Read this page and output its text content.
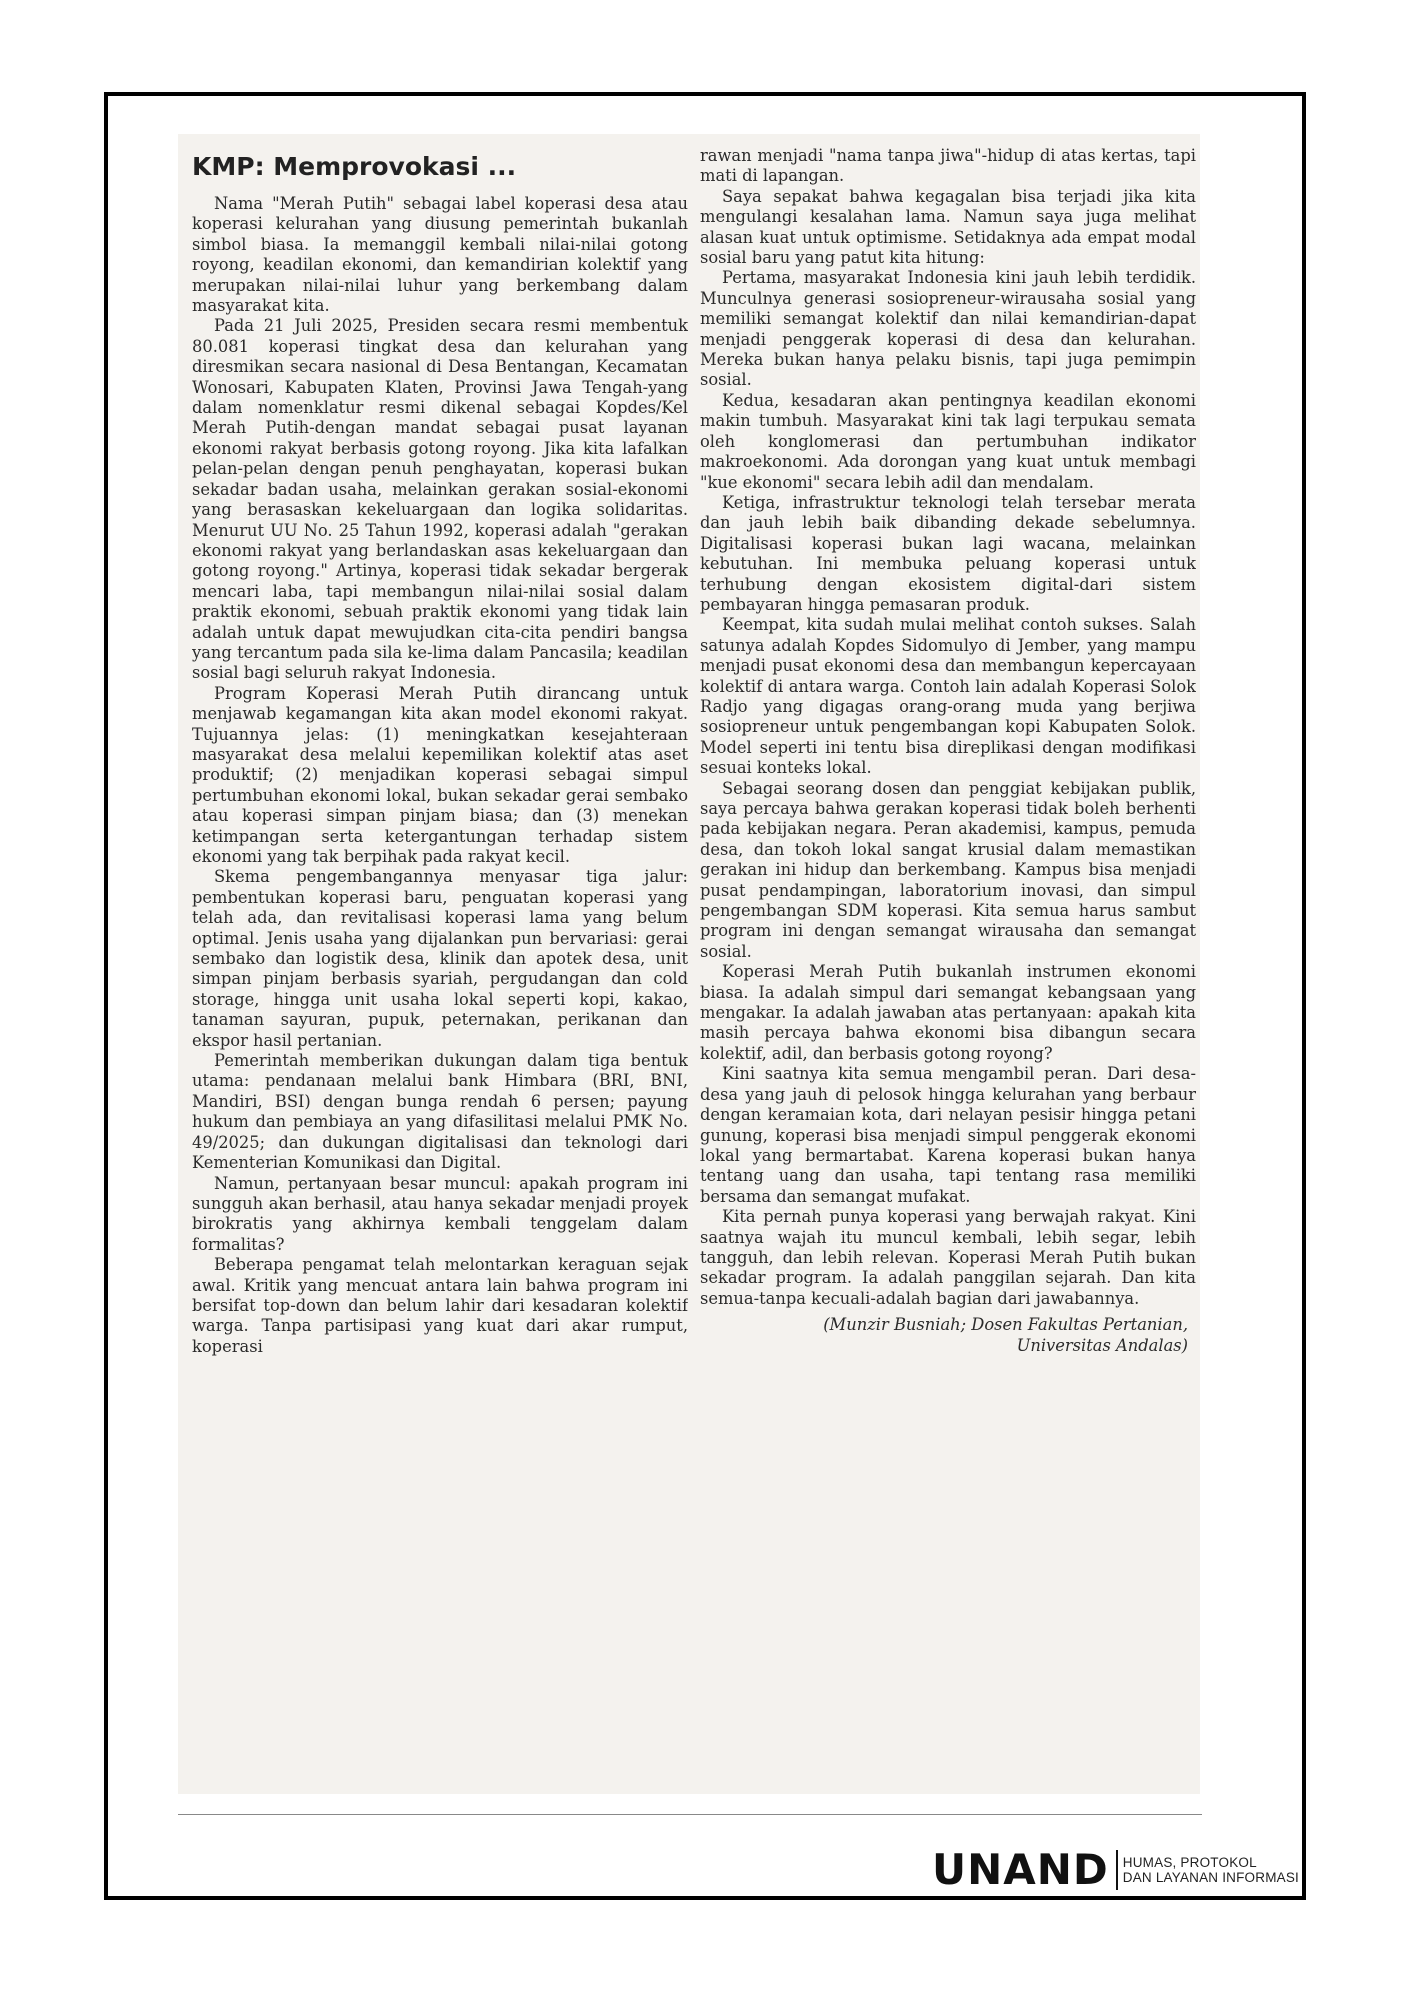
KMP: Memprovokasi ...

Nama "Merah Putih" sebagai label koperasi desa atau koperasi kelurahan yang diusung pemerintah bukanlah simbol biasa. Ia memanggil kembali nilai-nilai gotong royong, keadilan ekonomi, dan kemandirian kolektif yang merupakan nilai-nilai luhur yang berkembang dalam masyarakat kita.

Pada 21 Juli 2025, Presiden secara resmi membentuk 80.081 koperasi tingkat desa dan kelurahan yang diresmikan secara nasional di Desa Bentangan, Kecamatan Wonosari, Kabupaten Klaten, Provinsi Jawa Tengah-yang dalam nomenklatur resmi dikenal sebagai Kopdes/Kel Merah Putih-dengan mandat sebagai pusat layanan ekonomi rakyat berbasis gotong royong. Jika kita lafalkan pelan-pelan dengan penuh penghayatan, koperasi bukan sekadar badan usaha, melainkan gerakan sosial-ekonomi yang berasaskan kekeluargaan dan logika solidaritas. Menurut UU No. 25 Tahun 1992, koperasi adalah "gerakan ekonomi rakyat yang berlandaskan asas kekeluargaan dan gotong royong." Artinya, koperasi tidak sekadar bergerak mencari laba, tapi membangun nilai-nilai sosial dalam praktik ekonomi, sebuah praktik ekonomi yang tidak lain adalah untuk dapat mewujudkan cita-cita pendiri bangsa yang tercantum pada sila ke-lima dalam Pancasila; keadilan sosial bagi seluruh rakyat Indonesia.

Program Koperasi Merah Putih dirancang untuk menjawab kegamangan kita akan model ekonomi rakyat. Tujuannya jelas: (1) meningkatkan kesejahteraan masyarakat desa melalui kepemilikan kolektif atas aset produktif; (2) menjadikan koperasi sebagai simpul pertumbuhan ekonomi lokal, bukan sekadar gerai sembako atau koperasi simpan pinjam biasa; dan (3) menekan ketimpangan serta ketergantungan terhadap sistem ekonomi yang tak berpihak pada rakyat kecil.

Skema pengembangannya menyasar tiga jalur: pembentukan koperasi baru, penguatan koperasi yang telah ada, dan revitalisasi koperasi lama yang belum optimal. Jenis usaha yang dijalankan pun bervariasi: gerai sembako dan logistik desa, klinik dan apotek desa, unit simpan pinjam berbasis syariah, pergudangan dan cold storage, hingga unit usaha lokal seperti kopi, kakao, tanaman sayuran, pupuk, peternakan, perikanan dan ekspor hasil pertanian.

Pemerintah memberikan dukungan dalam tiga bentuk utama: pendanaan melalui bank Himbara (BRI, BNI, Mandiri, BSI) dengan bunga rendah 6 persen; payung hukum dan pembiaya an yang difasilitasi melalui PMK No. 49/2025; dan dukungan digitalisasi dan teknologi dari Kementerian Komunikasi dan Digital.

Namun, pertanyaan besar muncul: apakah program ini sungguh akan berhasil, atau hanya sekadar menjadi proyek birokratis yang akhirnya kembali tenggelam dalam formalitas?

Beberapa pengamat telah melontarkan keraguan sejak awal. Kritik yang mencuat antara lain bahwa program ini bersifat top-down dan belum lahir dari kesadaran kolektif warga. Tanpa partisipasi yang kuat dari akar rumput, koperasi

rawan menjadi "nama tanpa jiwa"-hidup di atas kertas, tapi mati di lapangan.

Saya sepakat bahwa kegagalan bisa terjadi jika kita mengulangi kesalahan lama. Namun saya juga melihat alasan kuat untuk optimisme. Setidaknya ada empat modal sosial baru yang patut kita hitung:

Pertama, masyarakat Indonesia kini jauh lebih terdidik. Munculnya generasi sosiopreneur-wirausaha sosial yang memiliki semangat kolektif dan nilai kemandirian-dapat menjadi penggerak koperasi di desa dan kelurahan. Mereka bukan hanya pelaku bisnis, tapi juga pemimpin sosial.

Kedua, kesadaran akan pentingnya keadilan ekonomi makin tumbuh. Masyarakat kini tak lagi terpukau semata oleh konglomerasi dan pertumbuhan indikator makroekonomi. Ada dorongan yang kuat untuk membagi "kue ekonomi" secara lebih adil dan mendalam.

Ketiga, infrastruktur teknologi telah tersebar merata dan jauh lebih baik dibanding dekade sebelumnya. Digitalisasi koperasi bukan lagi wacana, melainkan kebutuhan. Ini membuka peluang koperasi untuk terhubung dengan ekosistem digital-dari sistem pembayaran hingga pemasaran produk.

Keempat, kita sudah mulai melihat contoh sukses. Salah satunya adalah Kopdes Sidomulyo di Jember, yang mampu menjadi pusat ekonomi desa dan membangun kepercayaan kolektif di antara warga. Contoh lain adalah Koperasi Solok Radjo yang digagas orang-orang muda yang berjiwa sosiopreneur untuk pengembangan kopi Kabupaten Solok. Model seperti ini tentu bisa direplikasi dengan modifikasi sesuai konteks lokal.

Sebagai seorang dosen dan penggiat kebijakan publik, saya percaya bahwa gerakan koperasi tidak boleh berhenti pada kebijakan negara. Peran akademisi, kampus, pemuda desa, dan tokoh lokal sangat krusial dalam memastikan gerakan ini hidup dan berkembang. Kampus bisa menjadi pusat pendampingan, laboratorium inovasi, dan simpul pengembangan SDM koperasi. Kita semua harus sambut program ini dengan semangat wirausaha dan semangat sosial.

Koperasi Merah Putih bukanlah instrumen ekonomi biasa. Ia adalah simpul dari semangat kebangsaan yang mengakar. Ia adalah jawaban atas pertanyaan: apakah kita masih percaya bahwa ekonomi bisa dibangun secara kolektif, adil, dan berbasis gotong royong?

Kini saatnya kita semua mengambil peran. Dari desa-desa yang jauh di pelosok hingga kelurahan yang berbaur dengan keramaian kota, dari nelayan pesisir hingga petani gunung, koperasi bisa menjadi simpul penggerak ekonomi lokal yang bermartabat. Karena koperasi bukan hanya tentang uang dan usaha, tapi tentang rasa memiliki bersama dan semangat mufakat.

Kita pernah punya koperasi yang berwajah rakyat. Kini saatnya wajah itu muncul kembali, lebih segar, lebih tangguh, dan lebih relevan. Koperasi Merah Putih bukan sekadar program. Ia adalah panggilan sejarah. Dan kita semua-tanpa kecuali-adalah bagian dari jawabannya.

(Munzir Busniah; Dosen Fakultas Pertanian,
Universitas Andalas)
UNAND HUMAS, PROTOKOL
DAN LAYANAN INFORMASI
